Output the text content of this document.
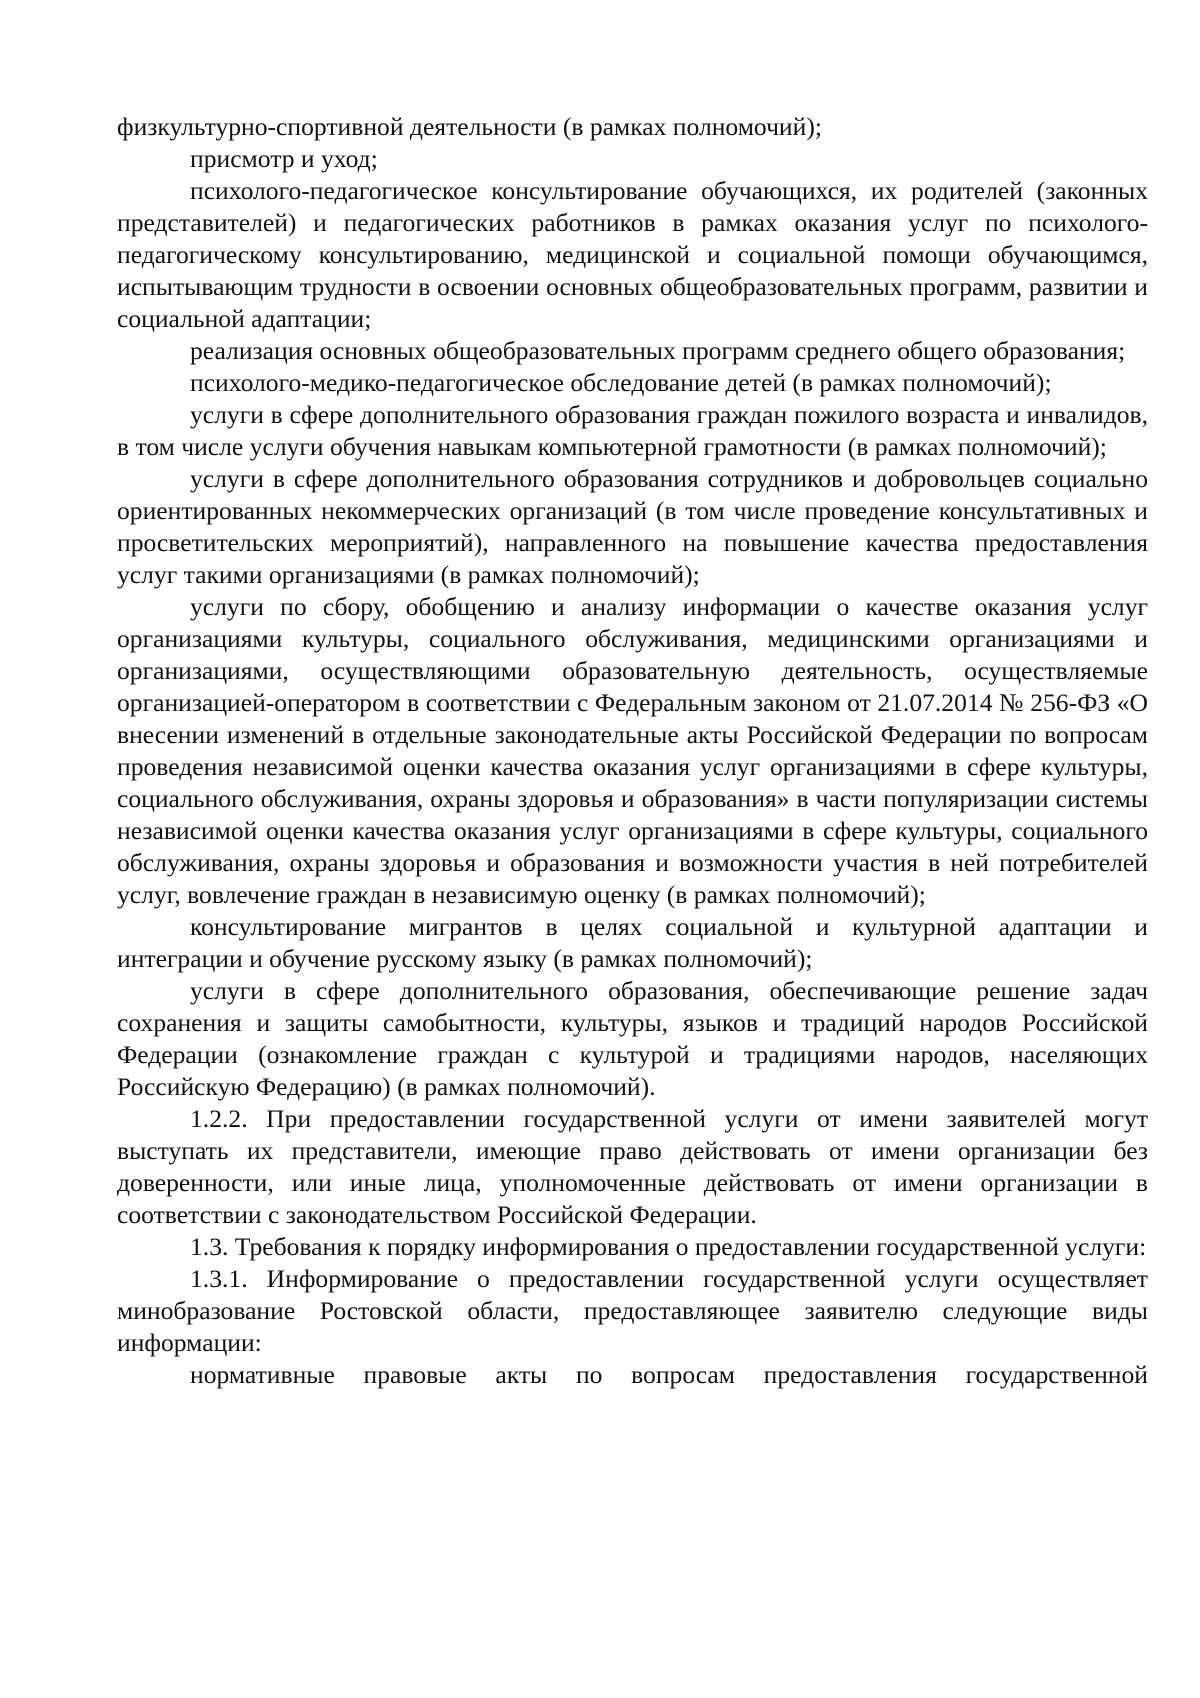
физкультурно-спортивной деятельности (в рамках полномочий);

присмотр и уход;

психолого-педагогическое консультирование обучающихся, их родителей (законных представителей) и педагогических работников в рамках оказания услуг по психолого-педагогическому консультированию, медицинской и социальной помощи обучающимся, испытывающим трудности в освоении основных общеобразовательных программ, развитии и социальной адаптации;

реализация основных общеобразовательных программ среднего общего образования;

психолого-медико-педагогическое обследование детей (в рамках полномочий);

услуги в сфере дополнительного образования граждан пожилого возраста и инвалидов, в том числе услуги обучения навыкам компьютерной грамотности (в рамках полномочий);

услуги в сфере дополнительного образования сотрудников и добровольцев социально ориентированных некоммерческих организаций (в том числе проведение консультативных и просветительских мероприятий), направленного на повышение качества предоставления услуг такими организациями (в рамках полномочий);

услуги по сбору, обобщению и анализу информации о качестве оказания услуг организациями культуры, социального обслуживания, медицинскими организациями и организациями, осуществляющими образовательную деятельность, осуществляемые организацией-оператором в соответствии с Федеральным законом от 21.07.2014 № 256-ФЗ «О внесении изменений в отдельные законодательные акты Российской Федерации по вопросам проведения независимой оценки качества оказания услуг организациями в сфере культуры, социального обслуживания, охраны здоровья и образования» в части популяризации системы независимой оценки качества оказания услуг организациями в сфере культуры, социального обслуживания, охраны здоровья и образования и возможности участия в ней потребителей услуг, вовлечение граждан в независимую оценку (в рамках полномочий);

консультирование мигрантов в целях социальной и культурной адаптации и интеграции и обучение русскому языку (в рамках полномочий);

услуги в сфере дополнительного образования, обеспечивающие решение задач сохранения и защиты самобытности, культуры, языков и традиций народов Российской Федерации (ознакомление граждан с культурой и традициями народов, населяющих Российскую Федерацию) (в рамках полномочий).

1.2.2. При предоставлении государственной услуги от имени заявителей могут выступать их представители, имеющие право действовать от имени организации без доверенности, или иные лица, уполномоченные действовать от имени организации в соответствии с законодательством Российской Федерации.

1.3. Требования к порядку информирования о предоставлении государственной услуги:

1.3.1. Информирование о предоставлении государственной услуги осуществляет минобразование Ростовской области, предоставляющее заявителю следующие виды информации:

нормативные правовые акты по вопросам предоставления государственной
